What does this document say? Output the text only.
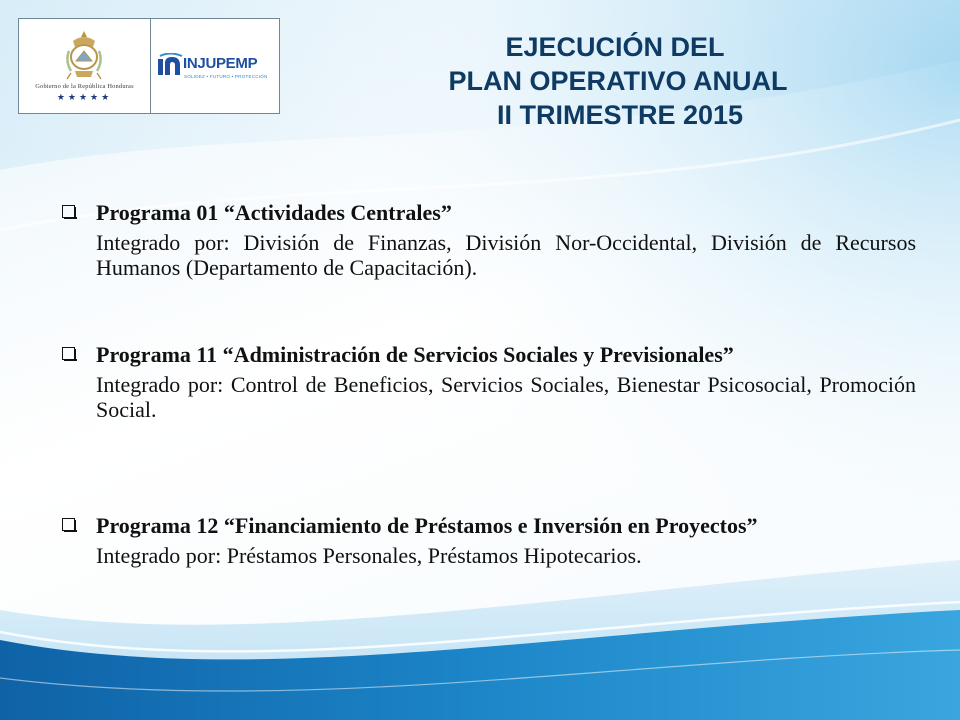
Gobierno de la República Honduras
★★★★★
INJUPEMP
SOLIDEZ • FUTURO • PROTECCIÓN
EJECUCIÓN DEL
PLAN OPERATIVO ANUAL
II TRIMESTRE 2015
Programa 01 “Actividades Centrales”
Integrado por: División de Finanzas, División Nor-Occidental, División de Recursos Humanos (Departamento de Capacitación).
Programa 11 “Administración de Servicios Sociales y Previsionales”
Integrado por: Control de Beneficios, Servicios Sociales, Bienestar Psicosocial, Promoción Social.
Programa 12 “Financiamiento de Préstamos e Inversión en Proyectos”
Integrado por: Préstamos Personales, Préstamos Hipotecarios.
